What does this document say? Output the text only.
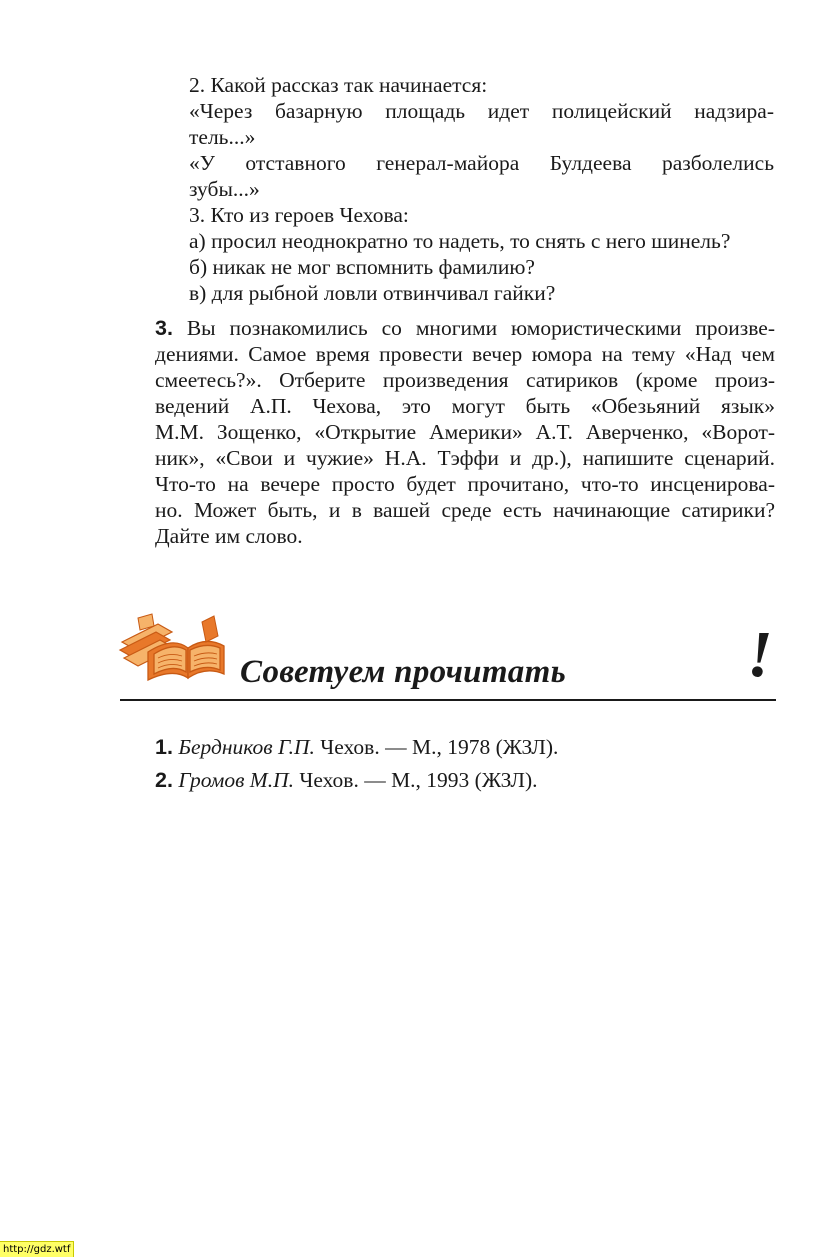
2. Какой рассказ так начинается:
«Через базарную площадь идет полицейский надзира-
тель...»
«У отставного генерал-майора Булдеева разболелись
зубы...»
3. Кто из героев Чехова:
а) просил неоднократно то надеть, то снять с него шинель?
б) никак не мог вспомнить фамилию?
в) для рыбной ловли отвинчивал гайки?
3. Вы познакомились со многими юмористическими произве-
дениями. Самое время провести вечер юмора на тему «Над чем
смеетесь?». Отберите произведения сатириков (кроме произ-
ведений А.П. Чехова, это могут быть «Обезьяний язык»
М.М. Зощенко, «Открытие Америки» А.Т. Аверченко, «Ворот-
ник», «Свои и чужие» Н.А. Тэффи и др.), напишите сценарий.
Что-то на вечере просто будет прочитано, что-то инсценирова-
но. Может быть, и в вашей среде есть начинающие сатирики?
Дайте им слово.
Советуем прочитать	!
1. Бердников Г.П. Чехов. — М., 1978 (ЖЗЛ).
2. Громов М.П. Чехов. — М., 1993 (ЖЗЛ).
http://gdz.wtf
